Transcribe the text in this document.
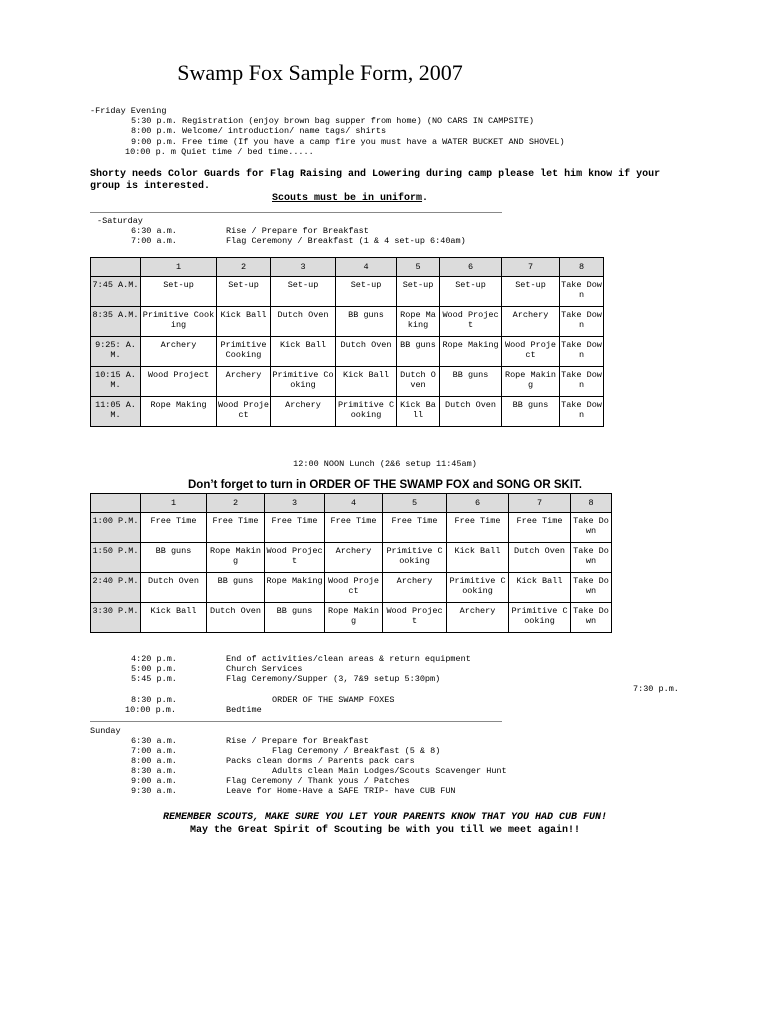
Swamp Fox Sample Form, 2007
-Friday Evening
5:30 p.m. Registration (enjoy brown bag supper from home) (NO CARS IN CAMPSITE)
8:00 p.m. Welcome/ introduction/ name tags/ shirts
9:00 p.m. Free time (If you have a camp fire you must have a WATER BUCKET AND SHOVEL)
10:00 p. m Quiet time / bed time.....
Shorty needs Color Guards for Flag Raising and Lowering during camp please let him know if your
group is interested.
Scouts must be in uniform.
-Saturday
6:30 a.m.	Rise / Prepare for Breakfast
7:00 a.m.	Flag Ceremony / Breakfast (1 & 4 set-up 6:40am)
	1	2	3	4	5	6	7	8
7:45 A.M.	Set-up	Set-up	Set-up	Set-up	Set-up	Set-up	Set-up	Take Down
8:35 A.M.	Primitive Cooking	Kick Ball	Dutch Oven	BB guns	Rope Making	Wood Project	Archery	Take Down
9:25: A.M.	Archery	Primitive Cooking	Kick Ball	Dutch Oven	BB guns	Rope Making	Wood Project	Take Down
10:15 A.M.	Wood Project	Archery	Primitive Cooking	Kick Ball	Dutch Oven	BB guns	Rope Making	Take Down
11:05 A.M.	Rope Making	Wood Project	Archery	Primitive Cooking	Kick Ball	Dutch Oven	BB guns	Take Down
12:00 NOON Lunch (2&6 setup 11:45am)
Don’t forget to turn in ORDER OF THE SWAMP FOX and SONG OR SKIT.
	1	2	3	4	5	6	7	8
1:00 P.M.	Free Time	Free Time	Free Time	Free Time	Free Time	Free Time	Free Time	Take Down
1:50 P.M.	BB guns	Rope Making	Wood Project	Archery	Primitive Cooking	Kick Ball	Dutch Oven	Take Down
2:40 P.M.	Dutch Oven	BB guns	Rope Making	Wood Project	Archery	Primitive Cooking	Kick Ball	Take Down
3:30 P.M.	Kick Ball	Dutch Oven	BB guns	Rope Making	Wood Project	Archery	Primitive Cooking	Take Down
4:20 p.m.	End of activities/clean areas & return equipment
5:00 p.m.	Church Services
5:45 p.m.	Flag Ceremony/Supper (3, 7&9 setup 5:30pm)
7:30 p.m.
8:30 p.m.	ORDER OF THE SWAMP FOXES
10:00 p.m.	Bedtime
Sunday
6:30 a.m.	Rise / Prepare for Breakfast
7:00 a.m.	Flag Ceremony / Breakfast (5 & 8)
8:00 a.m.	Packs clean dorms / Parents pack cars
8:30 a.m.	Adults clean Main Lodges/Scouts Scavenger Hunt
9:00 a.m.	Flag Ceremony / Thank yous / Patches
9:30 a.m.	Leave for Home-Have a SAFE TRIP- have CUB FUN
REMEMBER SCOUTS, MAKE SURE YOU LET YOUR PARENTS KNOW THAT YOU HAD CUB FUN!
May the Great Spirit of Scouting be with you till we meet again!!
